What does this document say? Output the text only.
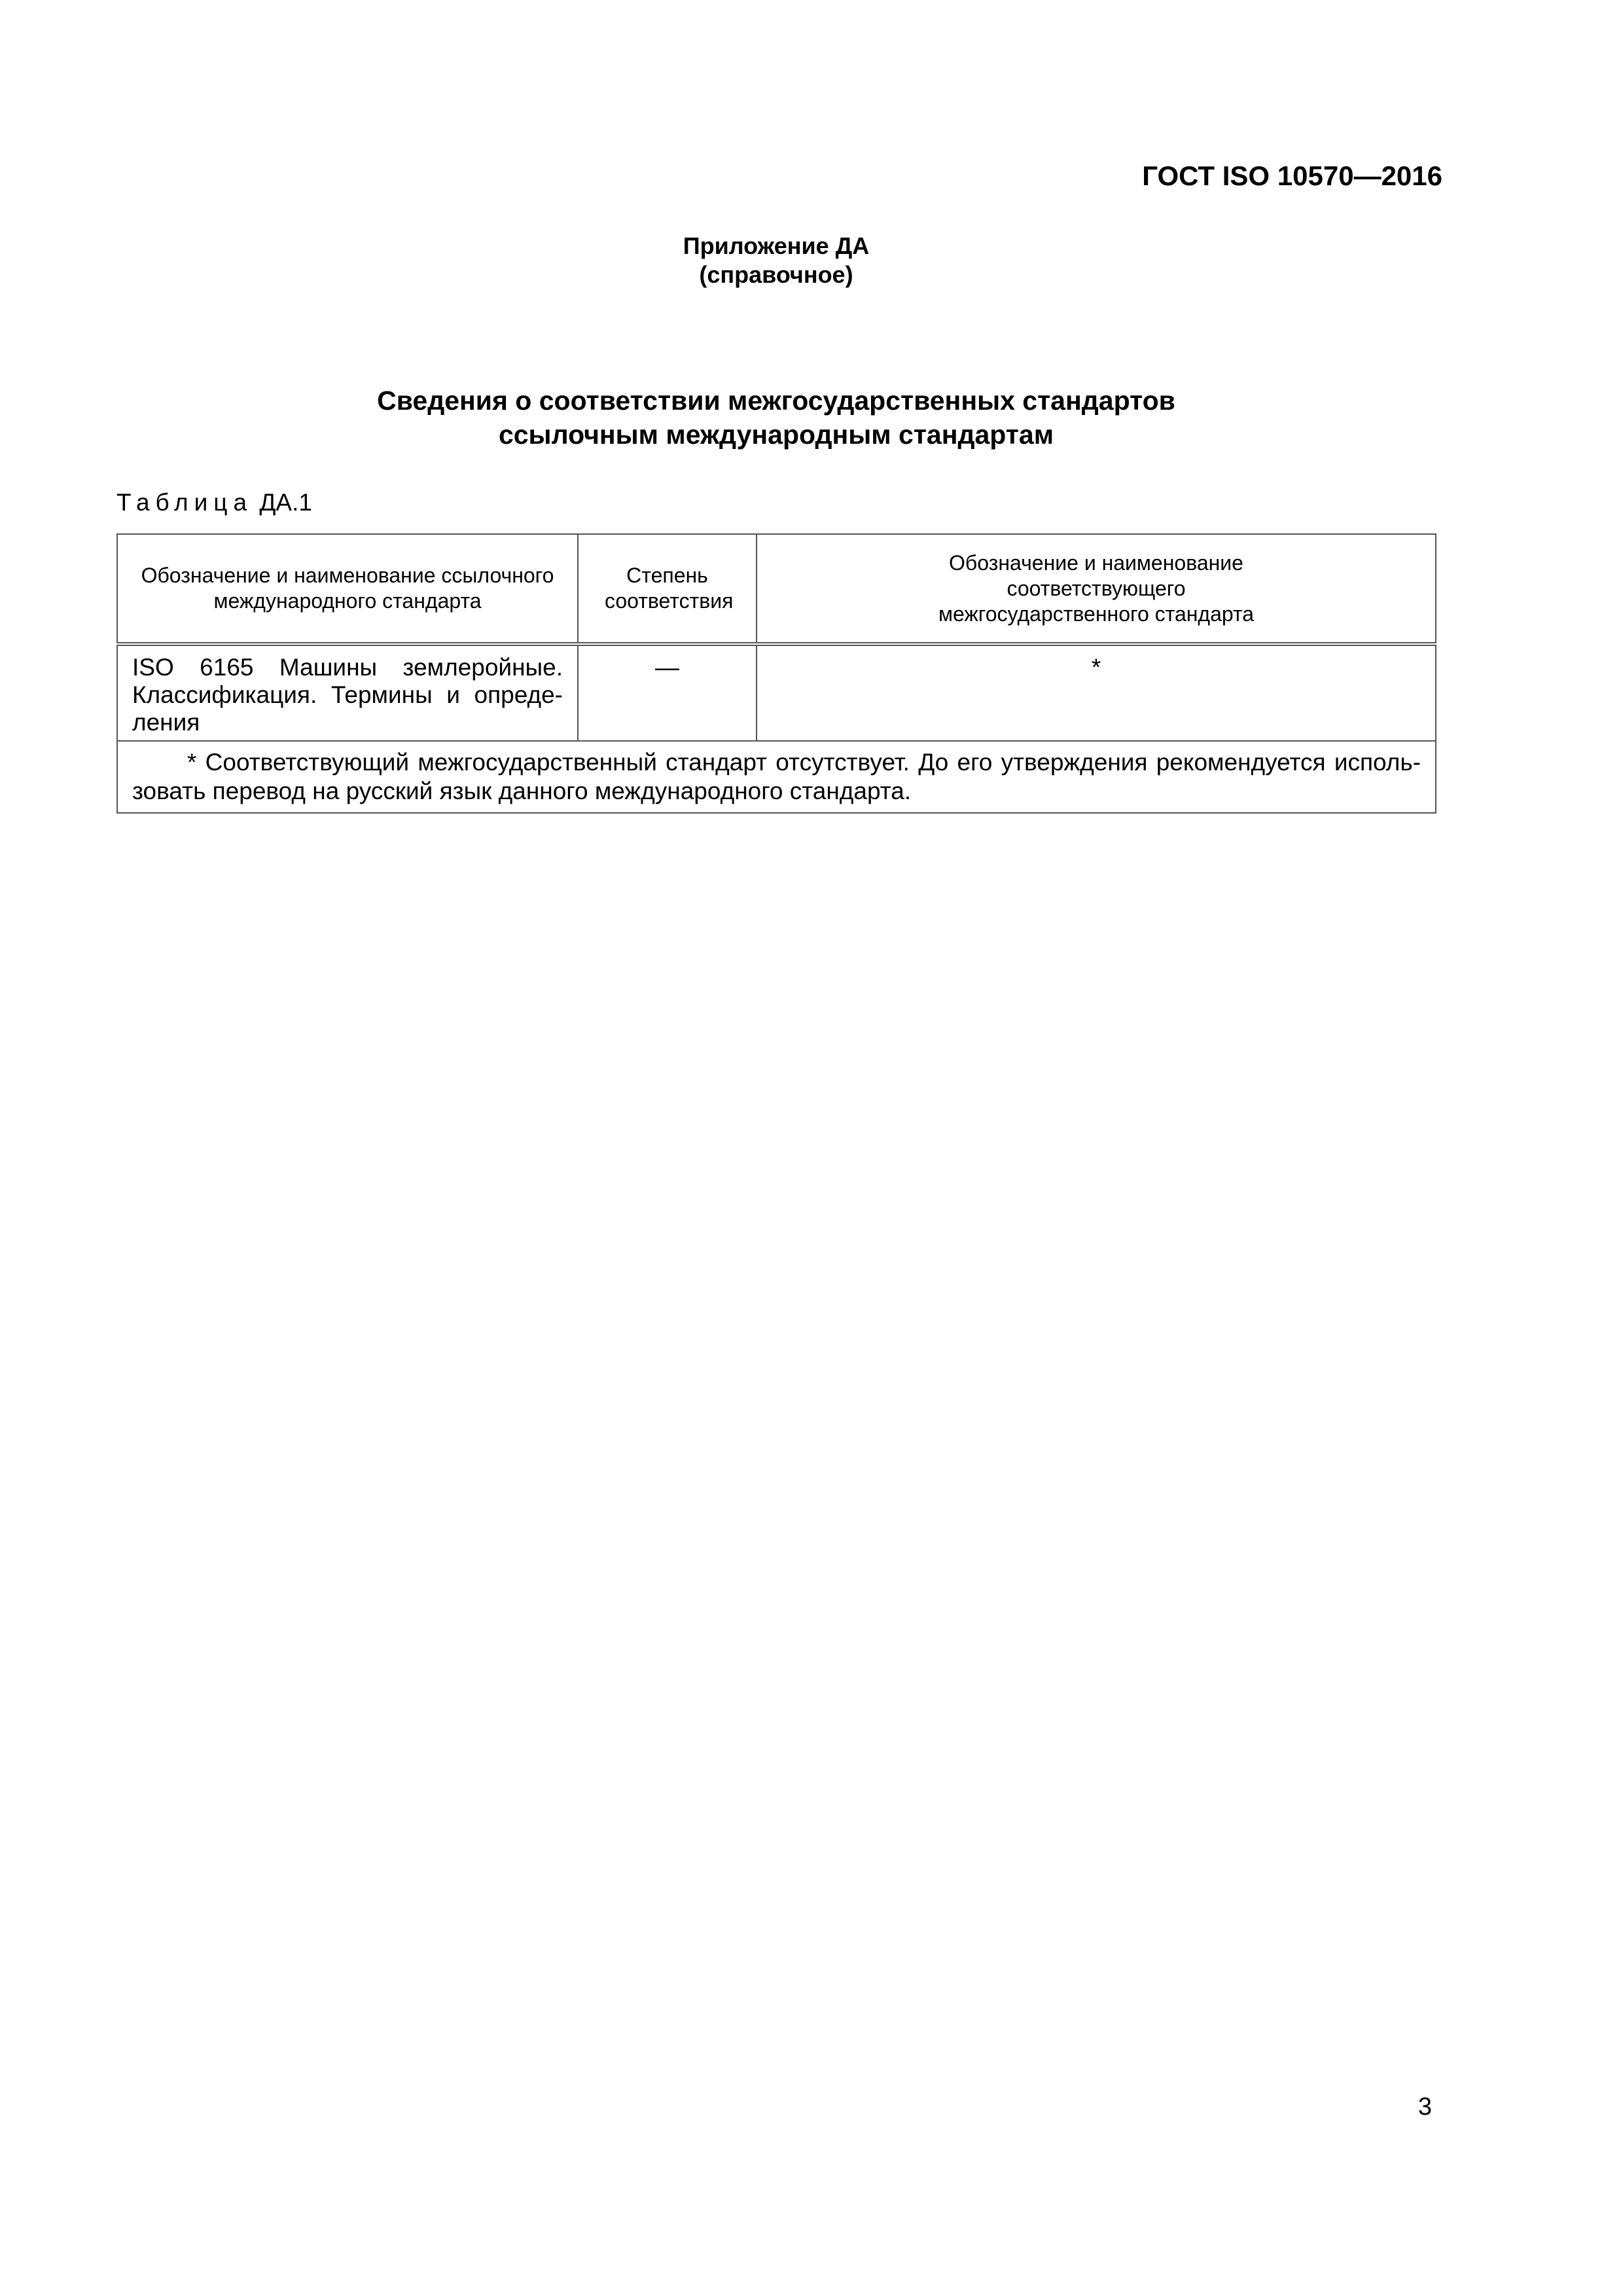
ГОСТ ISO 10570—2016
Приложение ДА
(справочное)
Сведения о соответствии межгосударственных стандартов
ссылочным международным стандартам
Таблица ДА.1
Обозначение и наименование ссылочного международного стандарта	Степень соответствия	Обозначение и наименование соответствующего межгосударственного стандарта

ISO 6165 Машины землеройные.
Классификация. Термины и опреде-
ления	—	*

* Соответствующий межгосударственный стандарт отсутствует. До его утверждения рекомендуется исполь-
зовать перевод на русский язык данного международного стандарта.		
3
